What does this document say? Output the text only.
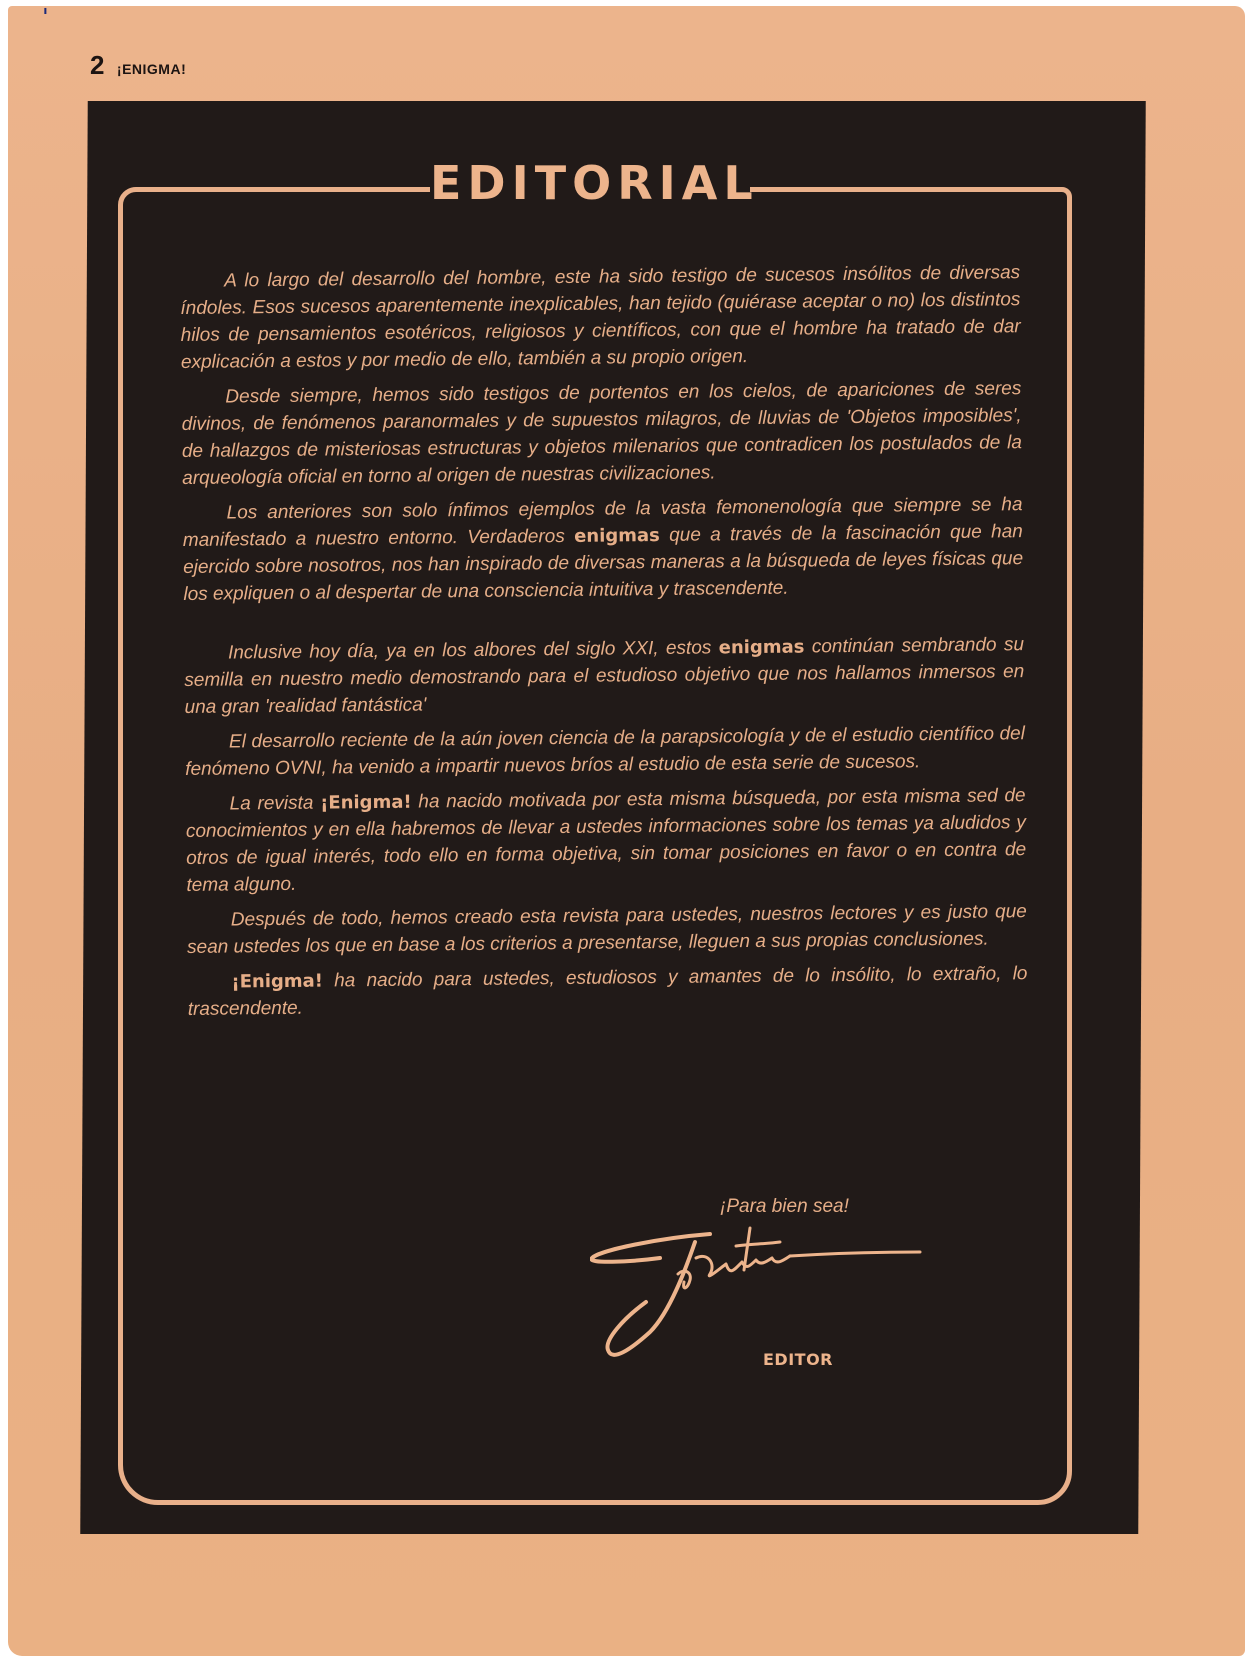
ˈ
2 ¡ENIGMA!
EDITORIAL

A lo largo del desarrollo del hombre, este ha sido testigo de sucesos insólitos de diversas índoles. Esos sucesos aparentemente inexplicables, han tejido (quiérase aceptar o no) los distintos hilos de pensamientos esotéricos, religiosos y científicos, con que el hombre ha tratado de dar explicación a estos y por medio de ello, también a su propio origen.

Desde siempre, hemos sido testigos de portentos en los cielos, de apariciones de seres divinos, de fenómenos paranormales y de supuestos milagros, de lluvias de 'Objetos imposibles', de hallazgos de misteriosas estructuras y objetos milenarios que contradicen los postulados de la arqueología oficial en torno al origen de nuestras civilizaciones.

Los anteriores son solo ínfimos ejemplos de la vasta femonenología que siempre se ha manifestado a nuestro entorno. Verdaderos enigmas que a través de la fascinación que han ejercido sobre nosotros, nos han inspirado de diversas maneras a la búsqueda de leyes físicas que los expliquen o al despertar de una consciencia intuitiva y trascendente.

Inclusive hoy día, ya en los albores del siglo XXI, estos enigmas continúan sembrando su semilla en nuestro medio demostrando para el estudioso objetivo que nos hallamos inmersos en una gran 'realidad fantástica'

El desarrollo reciente de la aún joven ciencia de la parapsicología y de el estudio científico del fenómeno OVNI, ha venido a impartir nuevos bríos al estudio de esta serie de sucesos.

La revista ¡Enigma! ha nacido motivada por esta misma búsqueda, por esta misma sed de conocimientos y en ella habremos de llevar a ustedes informaciones sobre los temas ya aludidos y otros de igual interés, todo ello en forma objetiva, sin tomar posiciones en favor o en contra de tema alguno.

Después de todo, hemos creado esta revista para ustedes, nuestros lectores y es justo que sean ustedes los que en base a los criterios a presentarse, lleguen a sus propias conclusiones.

¡Enigma! ha nacido para ustedes, estudiosos y amantes de lo insólito, lo extraño, lo trascendente.

¡Para bien sea!
EDITOR
